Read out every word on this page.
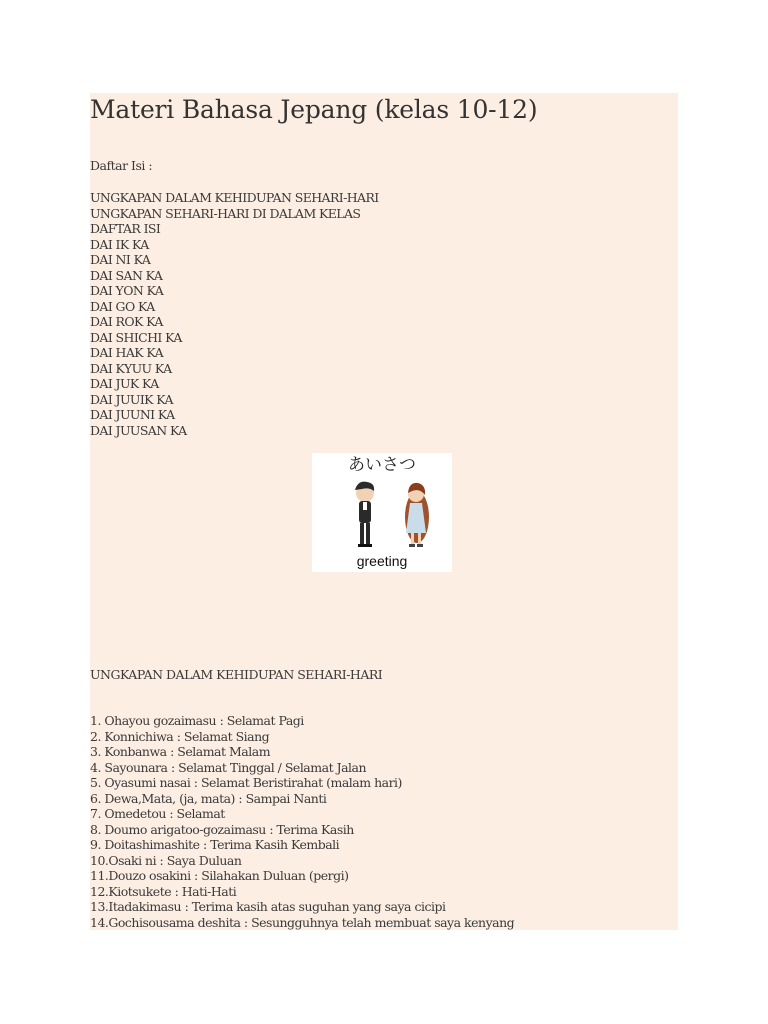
Materi Bahasa Jepang (kelas 10-12)
Daftar Isi :
UNGKAPAN DALAM KEHIDUPAN SEHARI-HARI
UNGKAPAN SEHARI-HARI DI DALAM KELAS
DAFTAR ISI
DAI IK KA
DAI NI KA
DAI SAN KA
DAI YON KA
DAI GO KA
DAI ROK KA
DAI SHICHI KA
DAI HAK KA
DAI KYUU KA
DAI JUK KA
DAI JUUIK KA
DAI JUUNI KA
DAI JUUSAN KA
あいさつ
greeting
UNGKAPAN DALAM KEHIDUPAN SEHARI-HARI
1. Ohayou gozaimasu : Selamat Pagi
2. Konnichiwa : Selamat Siang
3. Konbanwa : Selamat Malam
4. Sayounara : Selamat Tinggal / Selamat Jalan
5. Oyasumi nasai : Selamat Beristirahat (malam hari)
6. Dewa,Mata, (ja, mata) : Sampai Nanti
7. Omedetou : Selamat
8. Doumo arigatoo-gozaimasu : Terima Kasih
9. Doitashimashite : Terima Kasih Kembali
10.Osaki ni : Saya Duluan
11.Douzo osakini : Silahakan Duluan (pergi)
12.Kiotsukete : Hati-Hati
13.Itadakimasu : Terima kasih atas suguhan yang saya cicipi
14.Gochisousama deshita : Sesungguhnya telah membuat saya kenyang
